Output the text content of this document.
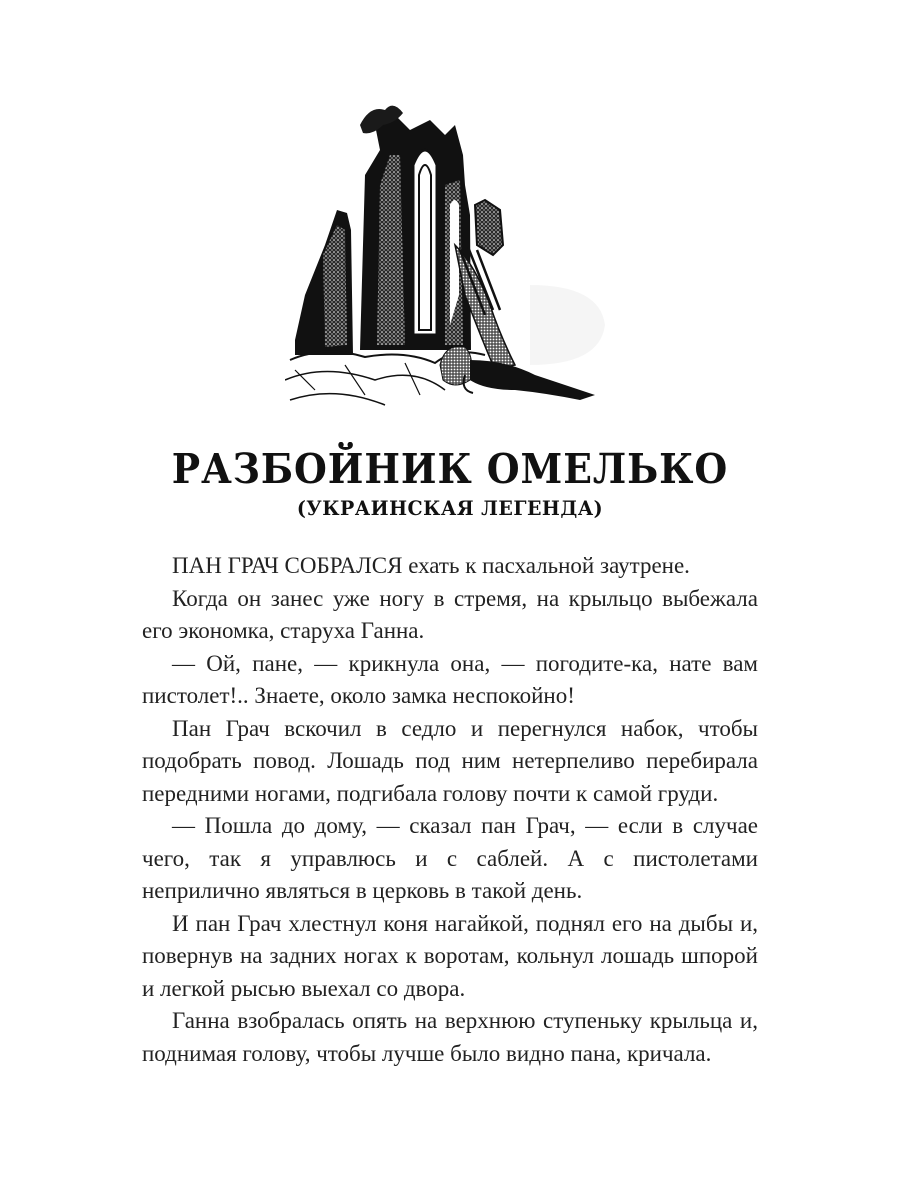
РАЗБОЙНИК ОМЕЛЬКО
(УКРАИНСКАЯ ЛЕГЕНДА)

ПАН ГРАЧ СОБРАЛСЯ ехать к пасхальной заутрене.

Когда он занес уже ногу в стремя, на крыльцо выбежала его экономка, старуха Ганна.

— Ой, пане, — крикнула она, — погодите-ка, нате вам пистолет!.. Знаете, около замка неспокойно!

Пан Грач вскочил в седло и перегнулся набок, чтобы подобрать повод. Лошадь под ним нетерпеливо перебирала передними ногами, подгибала голову почти к самой груди.

— Пошла до дому, — сказал пан Грач, — если в случае чего, так я управлюсь и с саблей. А с пистолетами неприлично являться в церковь в такой день.

И пан Грач хлестнул коня нагайкой, поднял его на дыбы и, повернув на задних ногах к воротам, кольнул лошадь шпорой и легкой рысью выехал со двора.

Ганна взобралась опять на верхнюю ступеньку крыльца и, поднимая голову, чтобы лучше было видно пана, кричала.
